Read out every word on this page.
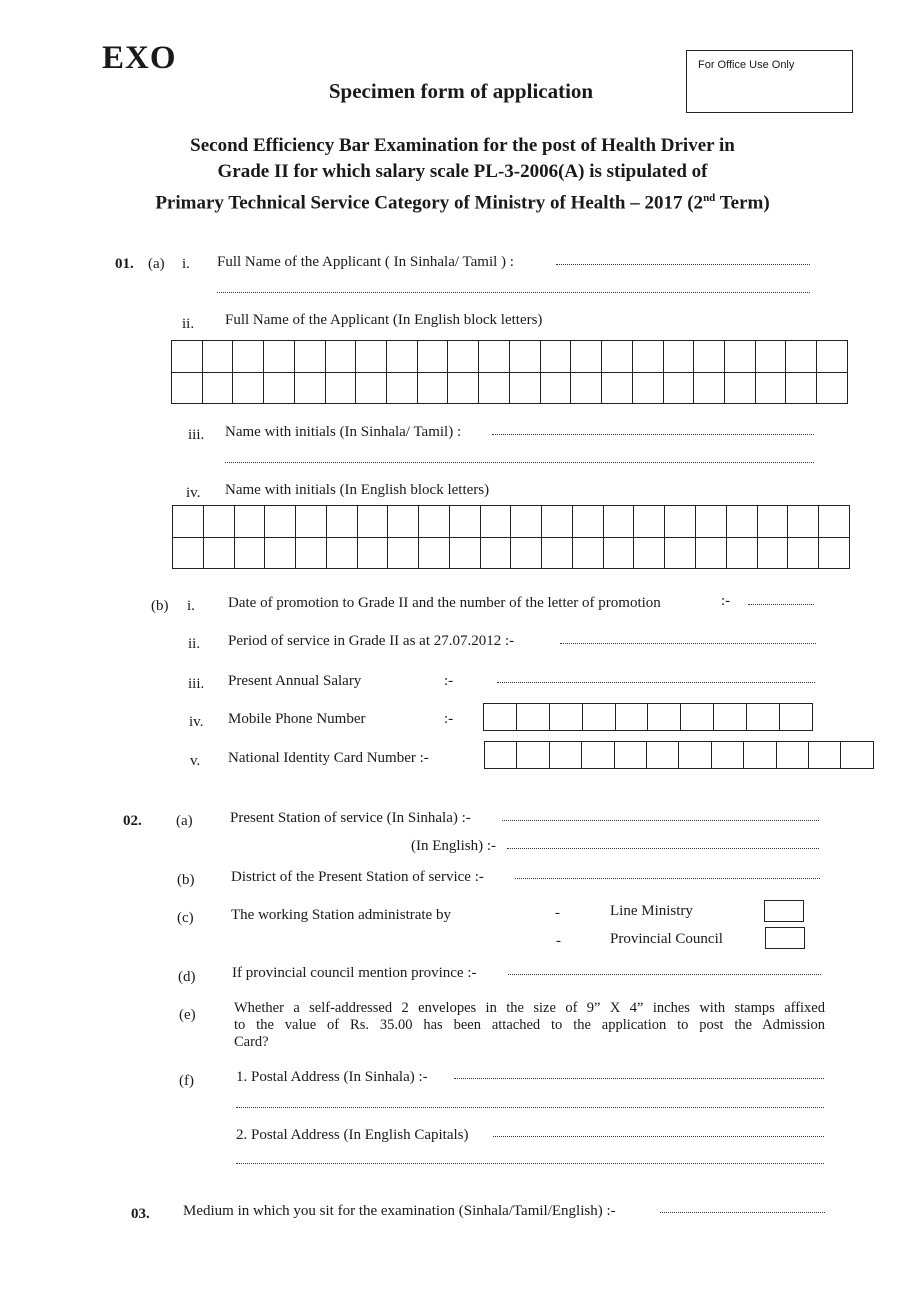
EXO	For Office Use Only
Specimen form of application
Second Efficiency Bar Examination for the post of Health Driver in
Grade II for which salary scale PL-3-2006(A) is stipulated of
Primary Technical Service Category of Ministry of Health – 2017 (2nd Term)
01. (a) i. Full Name of the Applicant ( In Sinhala/ Tamil ) :
ii. Full Name of the Applicant (In English block letters)

iii. Name with initials (In Sinhala/ Tamil) :
iv. Name with initials (In English block letters)

(b) i. Date of promotion to Grade II and the number of the letter of promotion	:-
ii. Period of service in Grade II as at 27.07.2012 :-
iii. Present Annual Salary	:-
iv. Mobile Phone Number	:-

v. National Identity Card Number :-

02. (a) Present Station of service (In Sinhala) :-
(In English) :-
(b) District of the Present Station of service :-
(c) The working Station administrate by	-	Line Ministry
-	Provincial Council
(d) If provincial council mention province :-
(e)	Whether a self-addressed 2 envelopes in the size of 9” X 4” inches with stamps affixed
to the value of Rs. 35.00 has been attached to the application to post the Admission
Card?
(f)	1. Postal Address (In Sinhala) :-
2. Postal Address (In English Capitals)
03. Medium in which you sit for the examination (Sinhala/Tamil/English) :-
